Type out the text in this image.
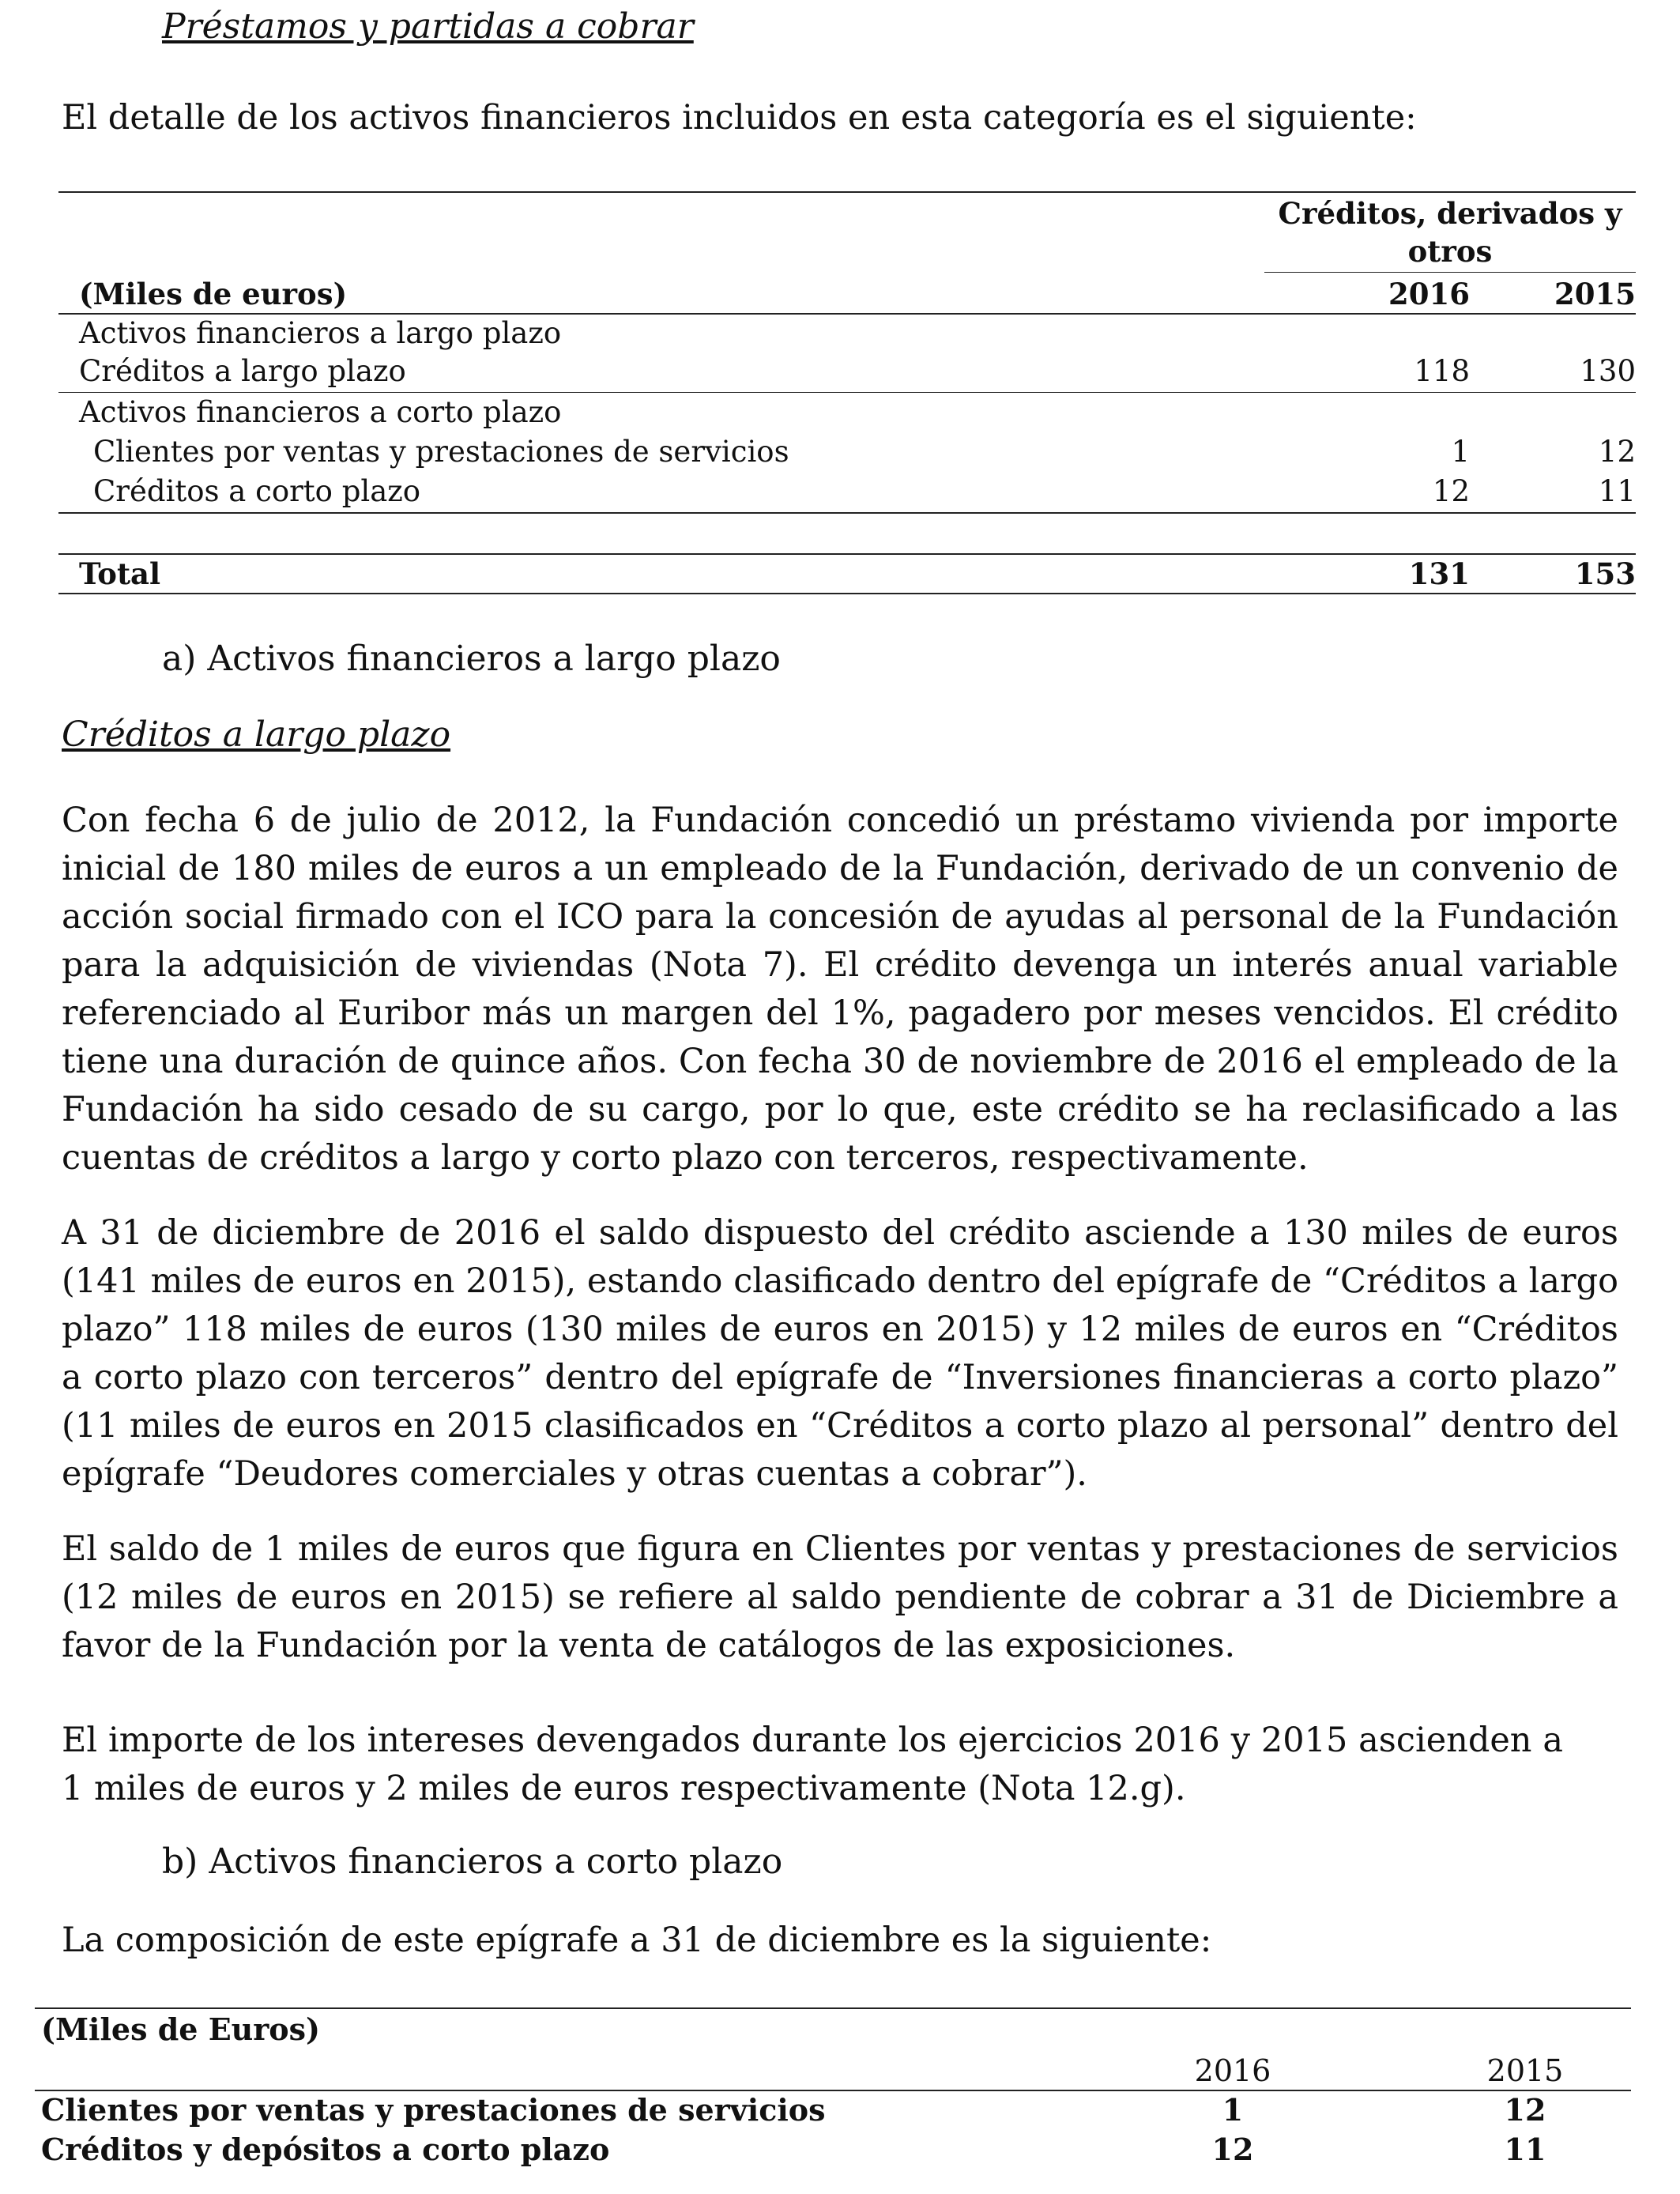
Préstamos y partidas a cobrar
El detalle de los activos financieros incluidos en esta categoría es el siguiente:
Créditos, derivados y
otros
(Miles de euros)	2016	2015
Activos financieros a largo plazo
Créditos a largo plazo	118	130
Activos financieros a corto plazo
Clientes por ventas y prestaciones de servicios	1	12
Créditos a corto plazo	12	11
Total	131	153
a) Activos financieros a largo plazo
Créditos a largo plazo

Con fecha 6 de julio de 2012, la Fundación concedió un préstamo vivienda por importe inicial de 180 miles de euros a un empleado de la Fundación, derivado de un convenio de acción social firmado con el ICO para la concesión de ayudas al personal de la Fundación para la adquisición de viviendas (Nota 7). El crédito devenga un interés anual variable referenciado al Euribor más un margen del 1%, pagadero por meses vencidos. El crédito tiene una duración de quince años. Con fecha 30 de noviembre de 2016 el empleado de la Fundación ha sido cesado de su cargo, por lo que, este crédito se ha reclasificado a las cuentas de créditos a largo y corto plazo con terceros, respectivamente.

A 31 de diciembre de 2016 el saldo dispuesto del crédito asciende a 130 miles de euros (141 miles de euros en 2015), estando clasificado dentro del epígrafe de “Créditos a largo plazo” 118 miles de euros (130 miles de euros en 2015) y 12 miles de euros en “Créditos a corto plazo con terceros” dentro del epígrafe de “Inversiones financieras a corto plazo” (11 miles de euros en 2015 clasificados en “Créditos a corto plazo al personal” dentro del epígrafe “Deudores comerciales y otras cuentas a cobrar”).

El saldo de 1 miles de euros que figura en Clientes por ventas y prestaciones de servicios (12 miles de euros en 2015) se refiere al saldo pendiente de cobrar a 31 de Diciembre a favor de la Fundación por la venta de catálogos de las exposiciones.

El importe de los intereses devengados durante los ejercicios 2016 y 2015 ascienden a 1 miles de euros y 2 miles de euros respectivamente (Nota 12.g).

b) Activos financieros a corto plazo
La composición de este epígrafe a 31 de diciembre es la siguiente:
(Miles de Euros)
2016	2015
Clientes por ventas y prestaciones de servicios	1	12
Créditos y depósitos a corto plazo	12	11
